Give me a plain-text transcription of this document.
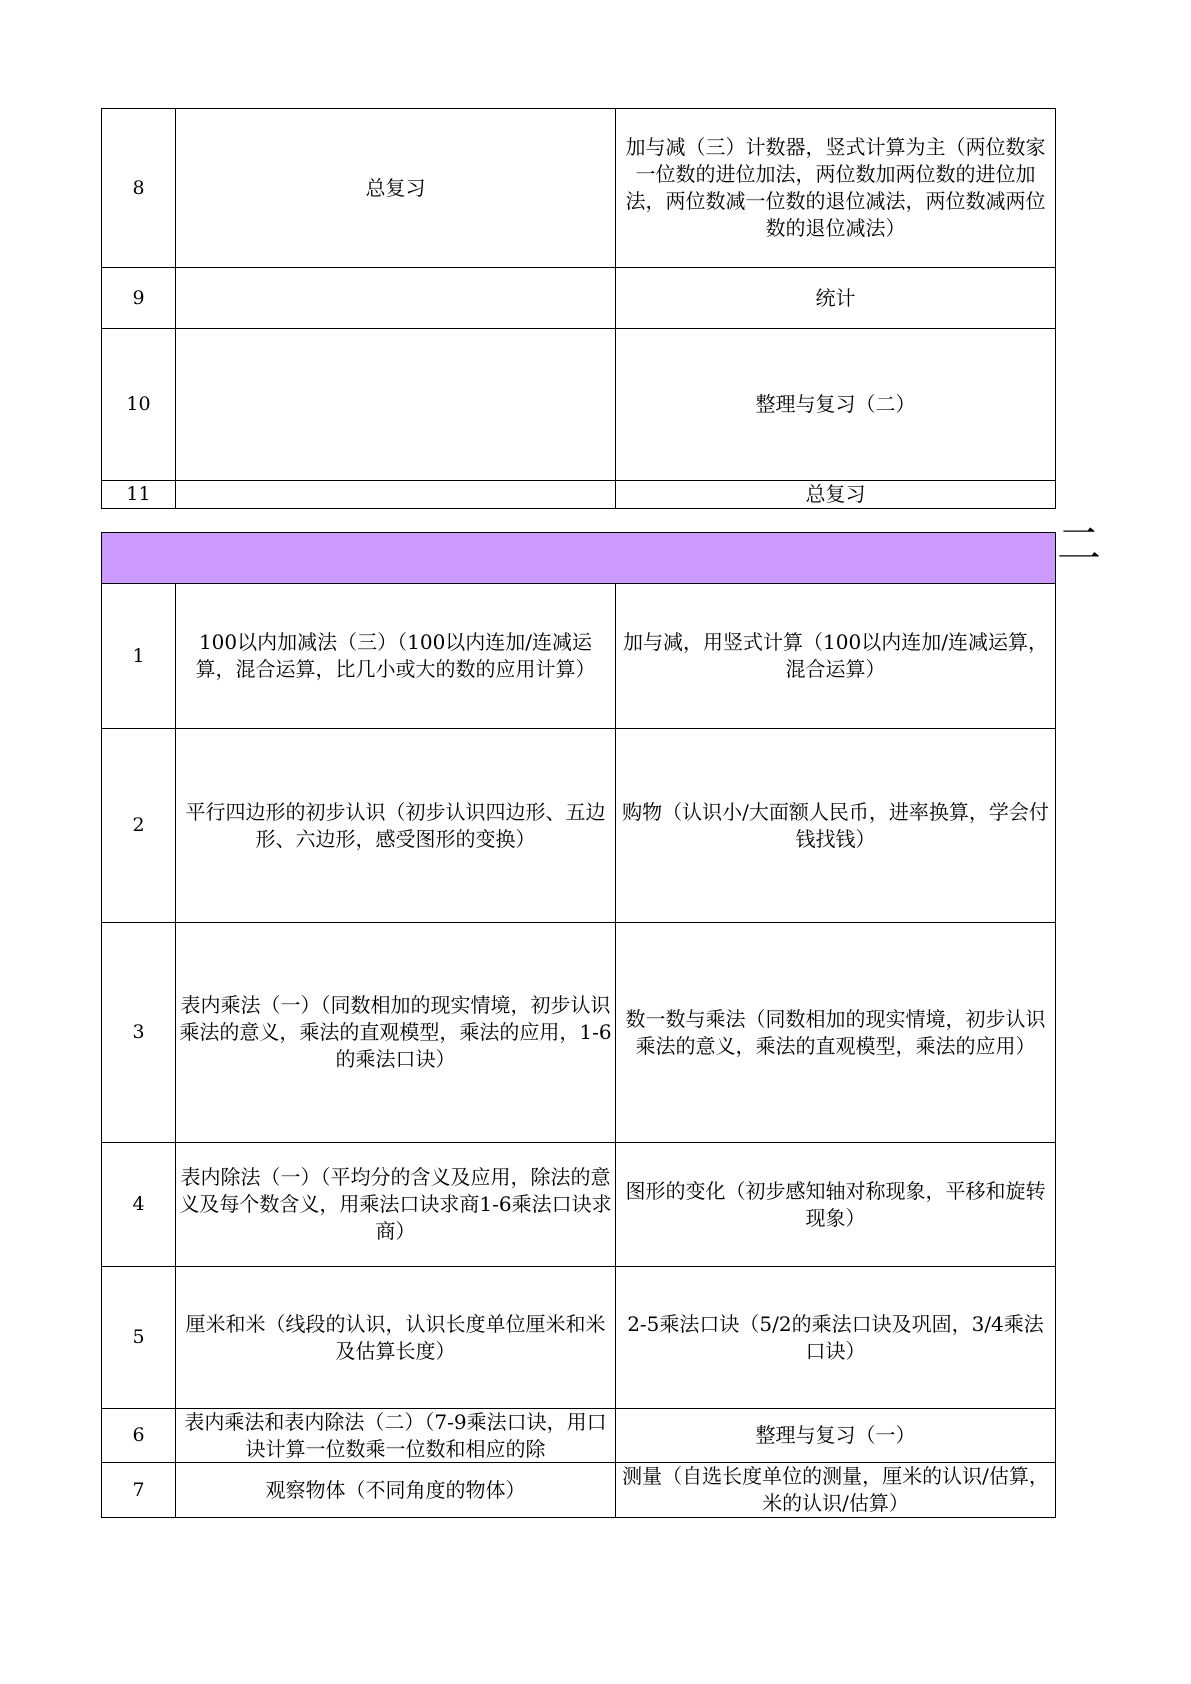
8	总复习	加与减（三）计数器，竖式计算为主（两位数家一位数的进位加法，两位数加两位数的进位加法，两位数减一位数的退位减法，两位数减两位数的退位减法）
9		统计
10		整理与复习（二）
11		总复习
二

1	100以内加减法（三）（100以内连加/连减运算，混合运算，比几小或大的数的应用计算）	加与减，用竖式计算（100以内连加/连减运算，混合运算）
2	平行四边形的初步认识（初步认识四边形、五边形、六边形，感受图形的变换）	购物（认识小/大面额人民币，进率换算，学会付钱找钱）
3	表内乘法（一）（同数相加的现实情境，初步认识乘法的意义，乘法的直观模型，乘法的应用，1-6的乘法口诀）	数一数与乘法（同数相加的现实情境，初步认识乘法的意义，乘法的直观模型，乘法的应用）
4	表内除法（一）（平均分的含义及应用，除法的意义及每个数含义，用乘法口诀求商1-6乘法口诀求商）	图形的变化（初步感知轴对称现象，平移和旋转现象）
5	厘米和米（线段的认识，认识长度单位厘米和米及估算长度）	2-5乘法口诀（5/2的乘法口诀及巩固，3/4乘法口诀）
6	表内乘法和表内除法（二）（7-9乘法口诀，用口诀计算一位数乘一位数和相应的除	整理与复习（一）
7	观察物体（不同角度的物体）	测量（自选长度单位的测量，厘米的认识/估算，米的认识/估算）
